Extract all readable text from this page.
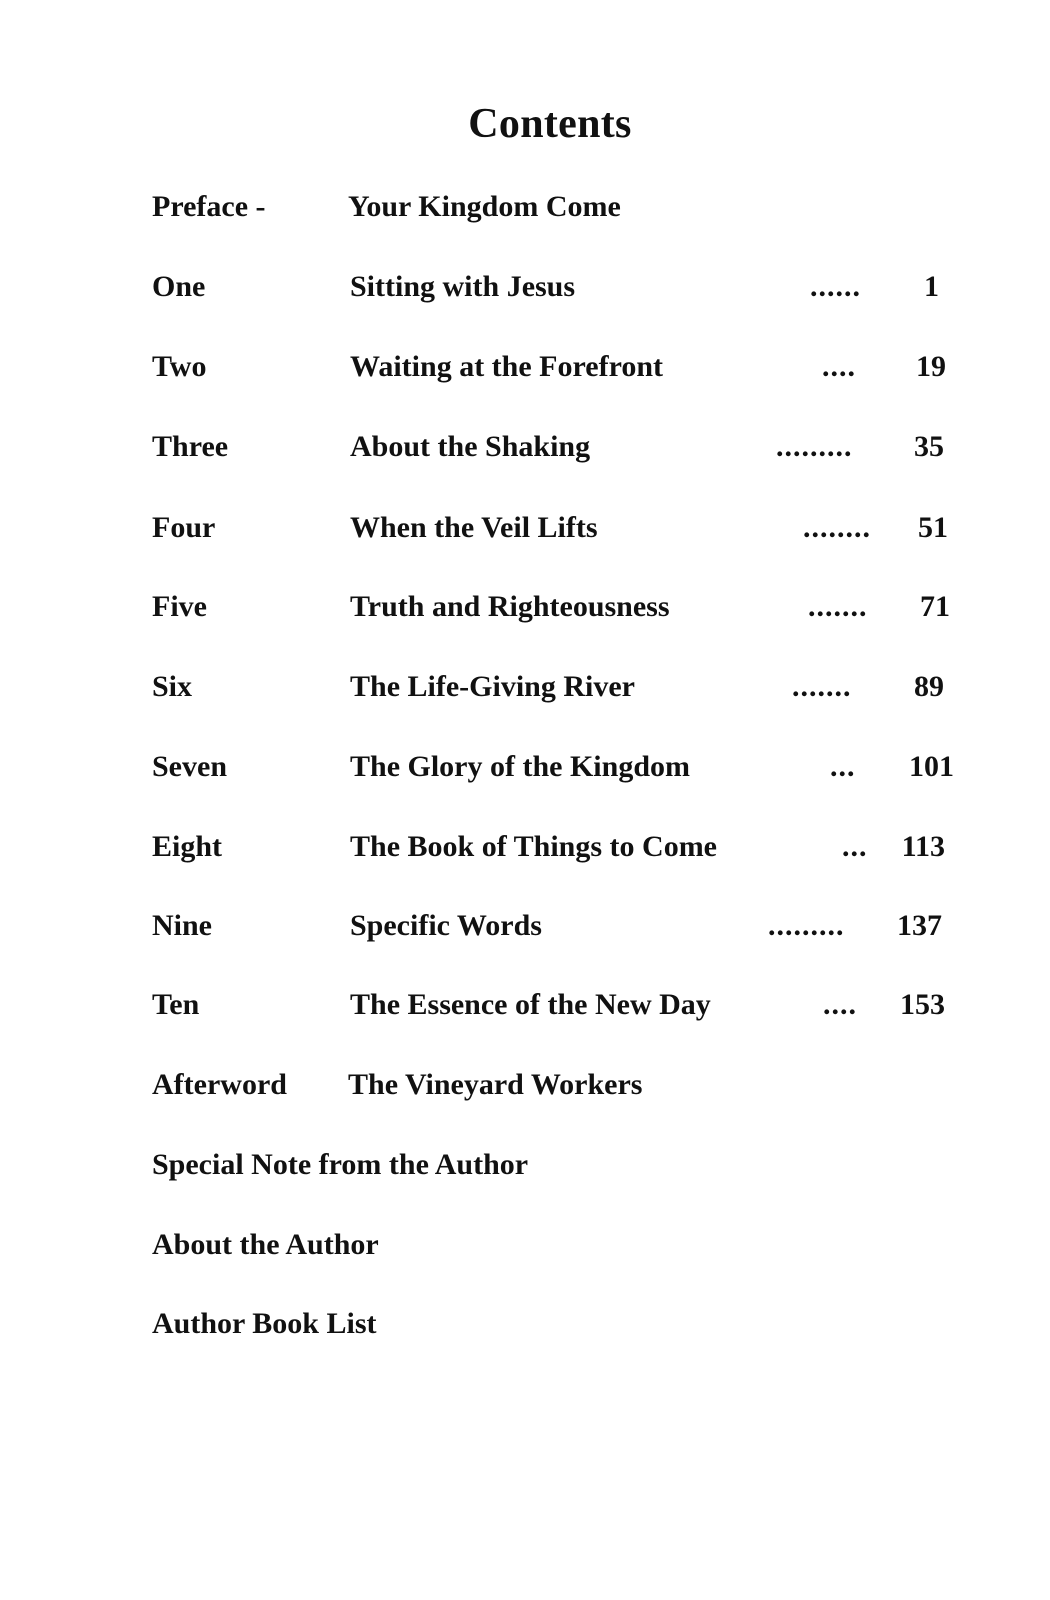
Contents
Preface -	Your Kingdom Come
One	Sitting with Jesus	......	1
Two	Waiting at the Forefront	....	19
Three	About the Shaking	.........	35
Four	When the Veil Lifts	........	51
Five	Truth and Righteousness	.......	71
Six	The Life-Giving River	.......	89
Seven	The Glory of the Kingdom	...	101
Eight	The Book of Things to Come	...	113
Nine	Specific Words	.........	137
Ten	The Essence of the New Day	....	153
Afterword The Vineyard Workers
Special Note from the Author
About the Author
Author Book List
